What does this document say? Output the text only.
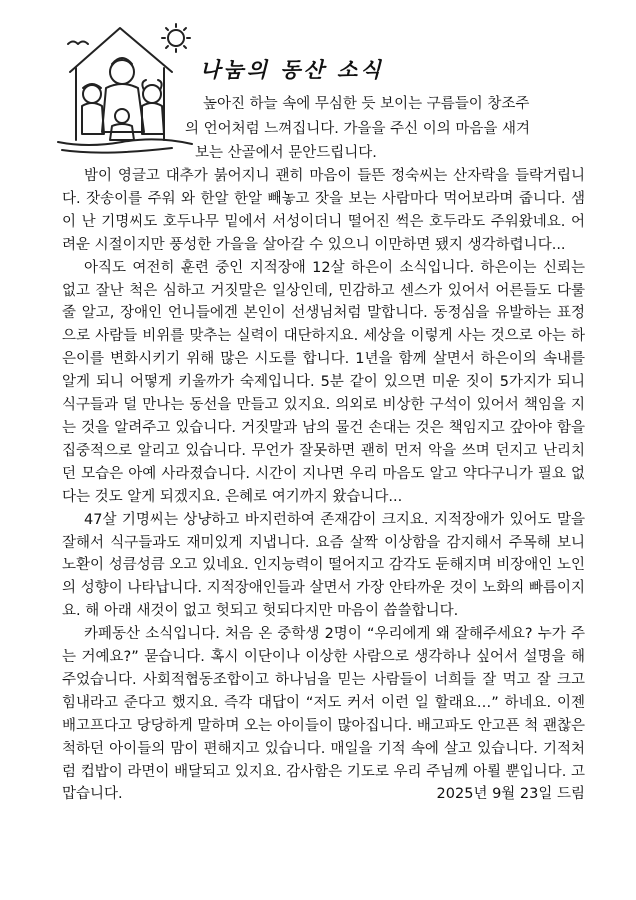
나눔의 동산 소식
높아진 하늘 속에 무심한 듯 보이는 구름들이 창조주
의 언어처럼 느껴집니다. 가을을 주신 이의 마음을 새겨
보는 산골에서 문안드립니다.

밤이 영글고 대추가 붉어지니 괜히 마음이 들뜬 정숙씨는 산자락을 들락거립니다. 잣송이를 주워 와 한알 한알 빼놓고 잣을 보는 사람마다 먹어보라며 줍니다. 샘이 난 기명씨도 호두나무 밑에서 서성이더니 떨어진 썩은 호두라도 주워왔네요. 어려운 시절이지만 풍성한 가을을 살아갈 수 있으니 이만하면 됐지 생각하렵니다...

아직도 여전히 훈련 중인 지적장애 12살 하은이 소식입니다. 하은이는 신뢰는 없고 잘난 척은 심하고 거짓말은 일상인데, 민감하고 센스가 있어서 어른들도 다룰 줄 알고, 장애인 언니들에겐 본인이 선생님처럼 말합니다. 동정심을 유발하는 표정으로 사람들 비위를 맞추는 실력이 대단하지요. 세상을 이렇게 사는 것으로 아는 하은이를 변화시키기 위해 많은 시도를 합니다. 1년을 함께 살면서 하은이의 속내를 알게 되니 어떻게 키울까가 숙제입니다. 5분 같이 있으면 미운 짓이 5가지가 되니 식구들과 덜 만나는 동선을 만들고 있지요. 의외로 비상한 구석이 있어서 책임을 지는 것을 알려주고 있습니다. 거짓말과 남의 물건 손대는 것은 책임지고 갚아야 함을 집중적으로 알리고 있습니다. 무언가 잘못하면 괜히 먼저 악을 쓰며 던지고 난리치던 모습은 아예 사라졌습니다. 시간이 지나면 우리 마음도 알고 약다구니가 필요 없다는 것도 알게 되겠지요. 은혜로 여기까지 왔습니다...

47살 기명씨는 상냥하고 바지런하여 존재감이 크지요. 지적장애가 있어도 말을 잘해서 식구들과도 재미있게 지냅니다. 요즘 살짝 이상함을 감지해서 주목해 보니 노환이 성큼성큼 오고 있네요. 인지능력이 떨어지고 감각도 둔해지며 비장애인 노인의 성향이 나타납니다. 지적장애인들과 살면서 가장 안타까운 것이 노화의 빠름이지요. 해 아래 새것이 없고 헛되고 헛되다지만 마음이 씁쓸합니다.

카페동산 소식입니다. 처음 온 중학생 2명이 “우리에게 왜 잘해주세요? 누가 주는 거예요?” 묻습니다. 혹시 이단이나 이상한 사람으로 생각하나 싶어서 설명을 해주었습니다. 사회적협동조합이고 하나님을 믿는 사람들이 너희들 잘 먹고 잘 크고 힘내라고 준다고 했지요. 즉각 대답이 “저도 커서 이런 일 할래요…” 하네요. 이젠 배고프다고 당당하게 말하며 오는 아이들이 많아집니다. 배고파도 안고픈 척 괜찮은 척하던 아이들의 맘이 편해지고 있습니다. 매일을 기적 속에 살고 있습니다. 기적처럼 컵밥이 라면이 배달되고 있지요. 감사함은 기도로 우리 주님께 아뢸 뿐입니다. 고맙습니다.	2025년 9월 23일 드림
